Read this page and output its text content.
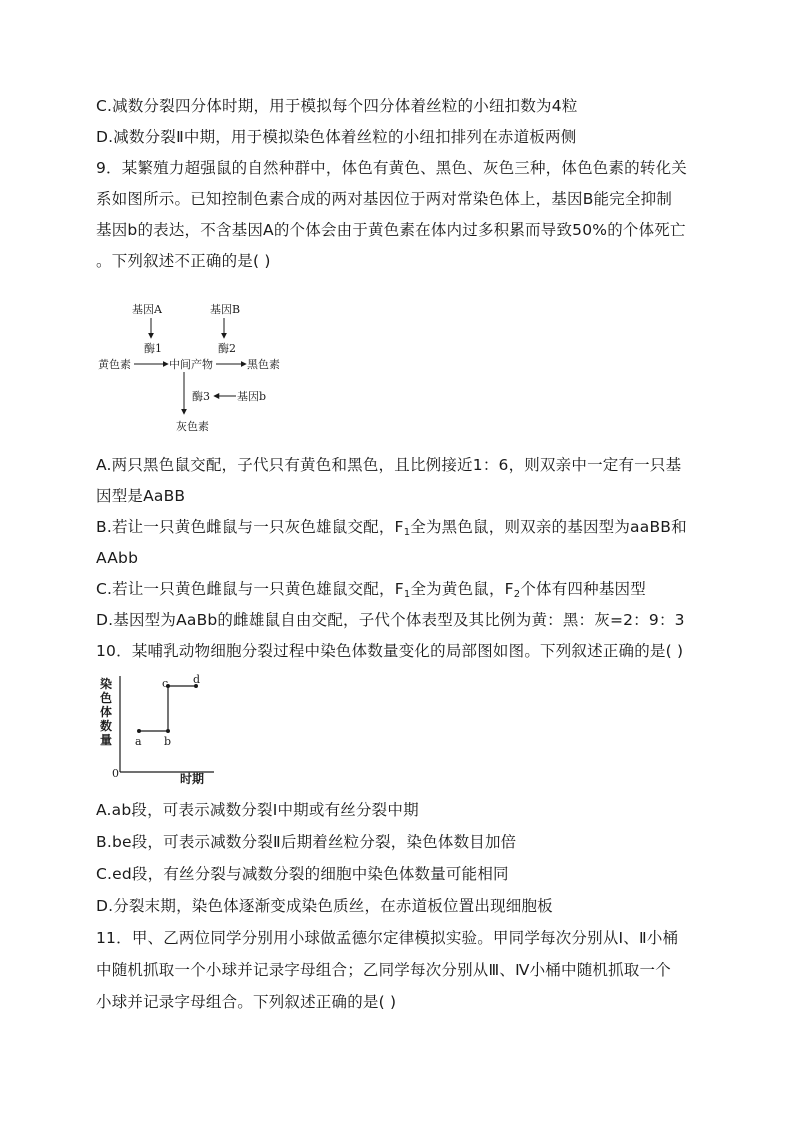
C.减数分裂四分体时期，用于模拟每个四分体着丝粒的小纽扣数为4粒
D.减数分裂Ⅱ中期，用于模拟染色体着丝粒的小纽扣排列在赤道板两侧
9．某繁殖力超强鼠的自然种群中，体色有黄色、黑色、灰色三种，体色色素的转化关
系如图所示。已知控制色素合成的两对基因位于两对常染色体上，基因B能完全抑制
基因b的表达，不含基因A的个体会由于黄色素在体内过多积累而导致50%的个体死亡
。下列叙述不正确的是( )
基因A	基因B
酶1	酶2
黄色素	中间产物	黑色素
酶3 基因b
灰色素
A.两只黑色鼠交配，子代只有黄色和黑色，且比例接近1：6，则双亲中一定有一只基
因型是AaBB
B.若让一只黄色雌鼠与一只灰色雄鼠交配，$F_1$全为黑色鼠，则双亲的基因型为aaBB和
AAbb
C.若让一只黄色雌鼠与一只黄色雄鼠交配，$F_1$全为黄色鼠，$F_2$个体有四种基因型
D.基因型为AaBb的雌雄鼠自由交配，子代个体表型及其比例为黄：黑：灰=2：9：3
10．某哺乳动物细胞分裂过程中染色体数量变化的局部图如图。下列叙述正确的是( )
染
色
体
数
量
0	时期
a b
c d
A.ab段，可表示减数分裂Ⅰ中期或有丝分裂中期
B.be段，可表示减数分裂Ⅱ后期着丝粒分裂，染色体数目加倍
C.ed段，有丝分裂与减数分裂的细胞中染色体数量可能相同
D.分裂末期，染色体逐渐变成染色质丝，在赤道板位置出现细胞板
11．甲、乙两位同学分别用小球做孟德尔定律模拟实验。甲同学每次分别从Ⅰ、Ⅱ小桶
中随机抓取一个小球并记录字母组合；乙同学每次分别从Ⅲ、Ⅳ小桶中随机抓取一个
小球并记录字母组合。下列叙述正确的是( )
